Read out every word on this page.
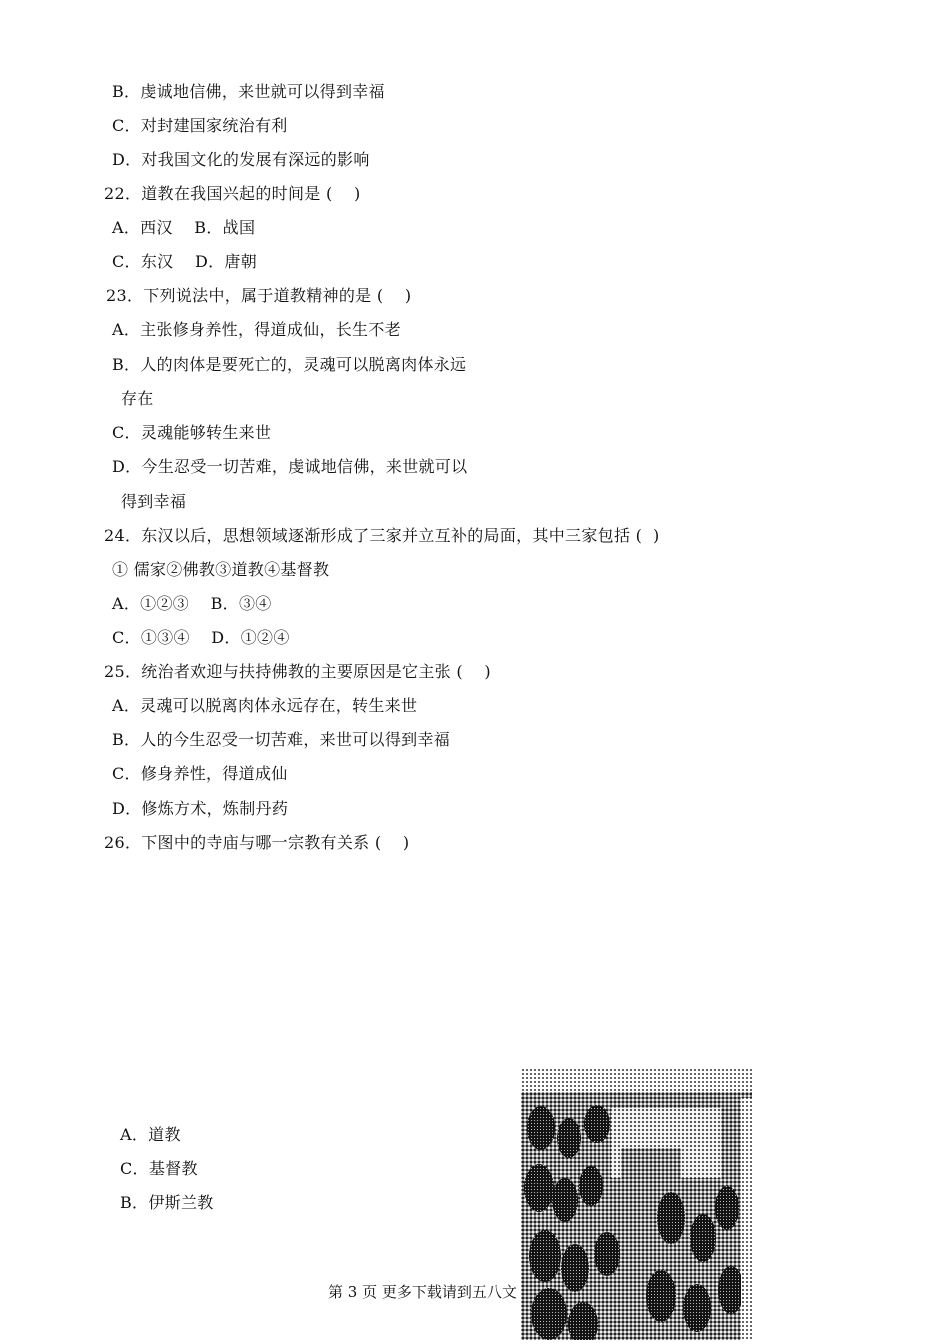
B．虔诚地信佛，来世就可以得到幸福
C．对封建国家统治有利
D．对我国文化的发展有深远的影响
22．道教在我国兴起的时间是 (    )
A．西汉    B．战国
C．东汉    D．唐朝
23．下列说法中，属于道教精神的是 (    )
A．主张修身养性，得道成仙，长生不老
B．人的肉体是要死亡的，灵魂可以脱离肉体永远
存在
C．灵魂能够转生来世
D．今生忍受一切苦难，虔诚地信佛，来世就可以
得到幸福
24．东汉以后，思想领域逐渐形成了三家并立互补的局面，其中三家包括 (  )
① 儒家②佛教③道教④基督教
A．①②③    B．③④
C．①③④    D．①②④
25．统治者欢迎与扶持佛教的主要原因是它主张 (    )
A．灵魂可以脱离肉体永远存在，转生来世
B．人的今生忍受一切苦难，来世可以得到幸福
C．修身养性，得道成仙
D．修炼方术，炼制丹药
26．下图中的寺庙与哪一宗教有关系 (    )
A．道教
C．基督教
B．伊斯兰教
第 3 页 更多下载请到五八文
